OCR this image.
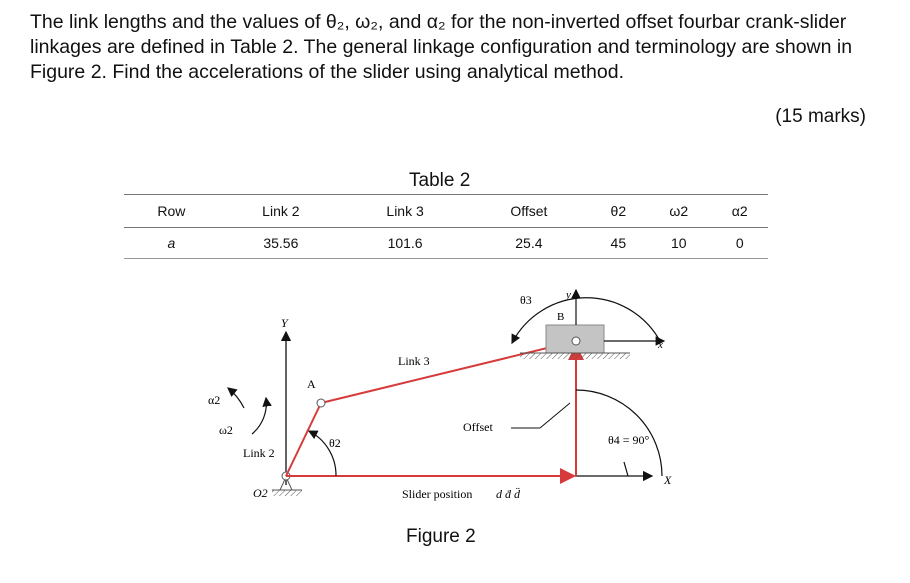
The link lengths and the values of θ₂, ω₂, and α₂ for the non-inverted offset fourbar crank-slider linkages are defined in Table 2. The general linkage configuration and terminology are shown in Figure 2. Find the accelerations of the slider using analytical method.

(15 marks)
Table 2
Row	Link 2	Link 3	Offset	θ2	ω2	α2
a	35.56	101.6	25.4	45	10	0
Y
y
x
X
A
B
Link 3
Link 2
Offset
θ2
θ3
θ4 = 90°
α2
ω2
O2	Slider position d ḋ d̈
Figure 2
